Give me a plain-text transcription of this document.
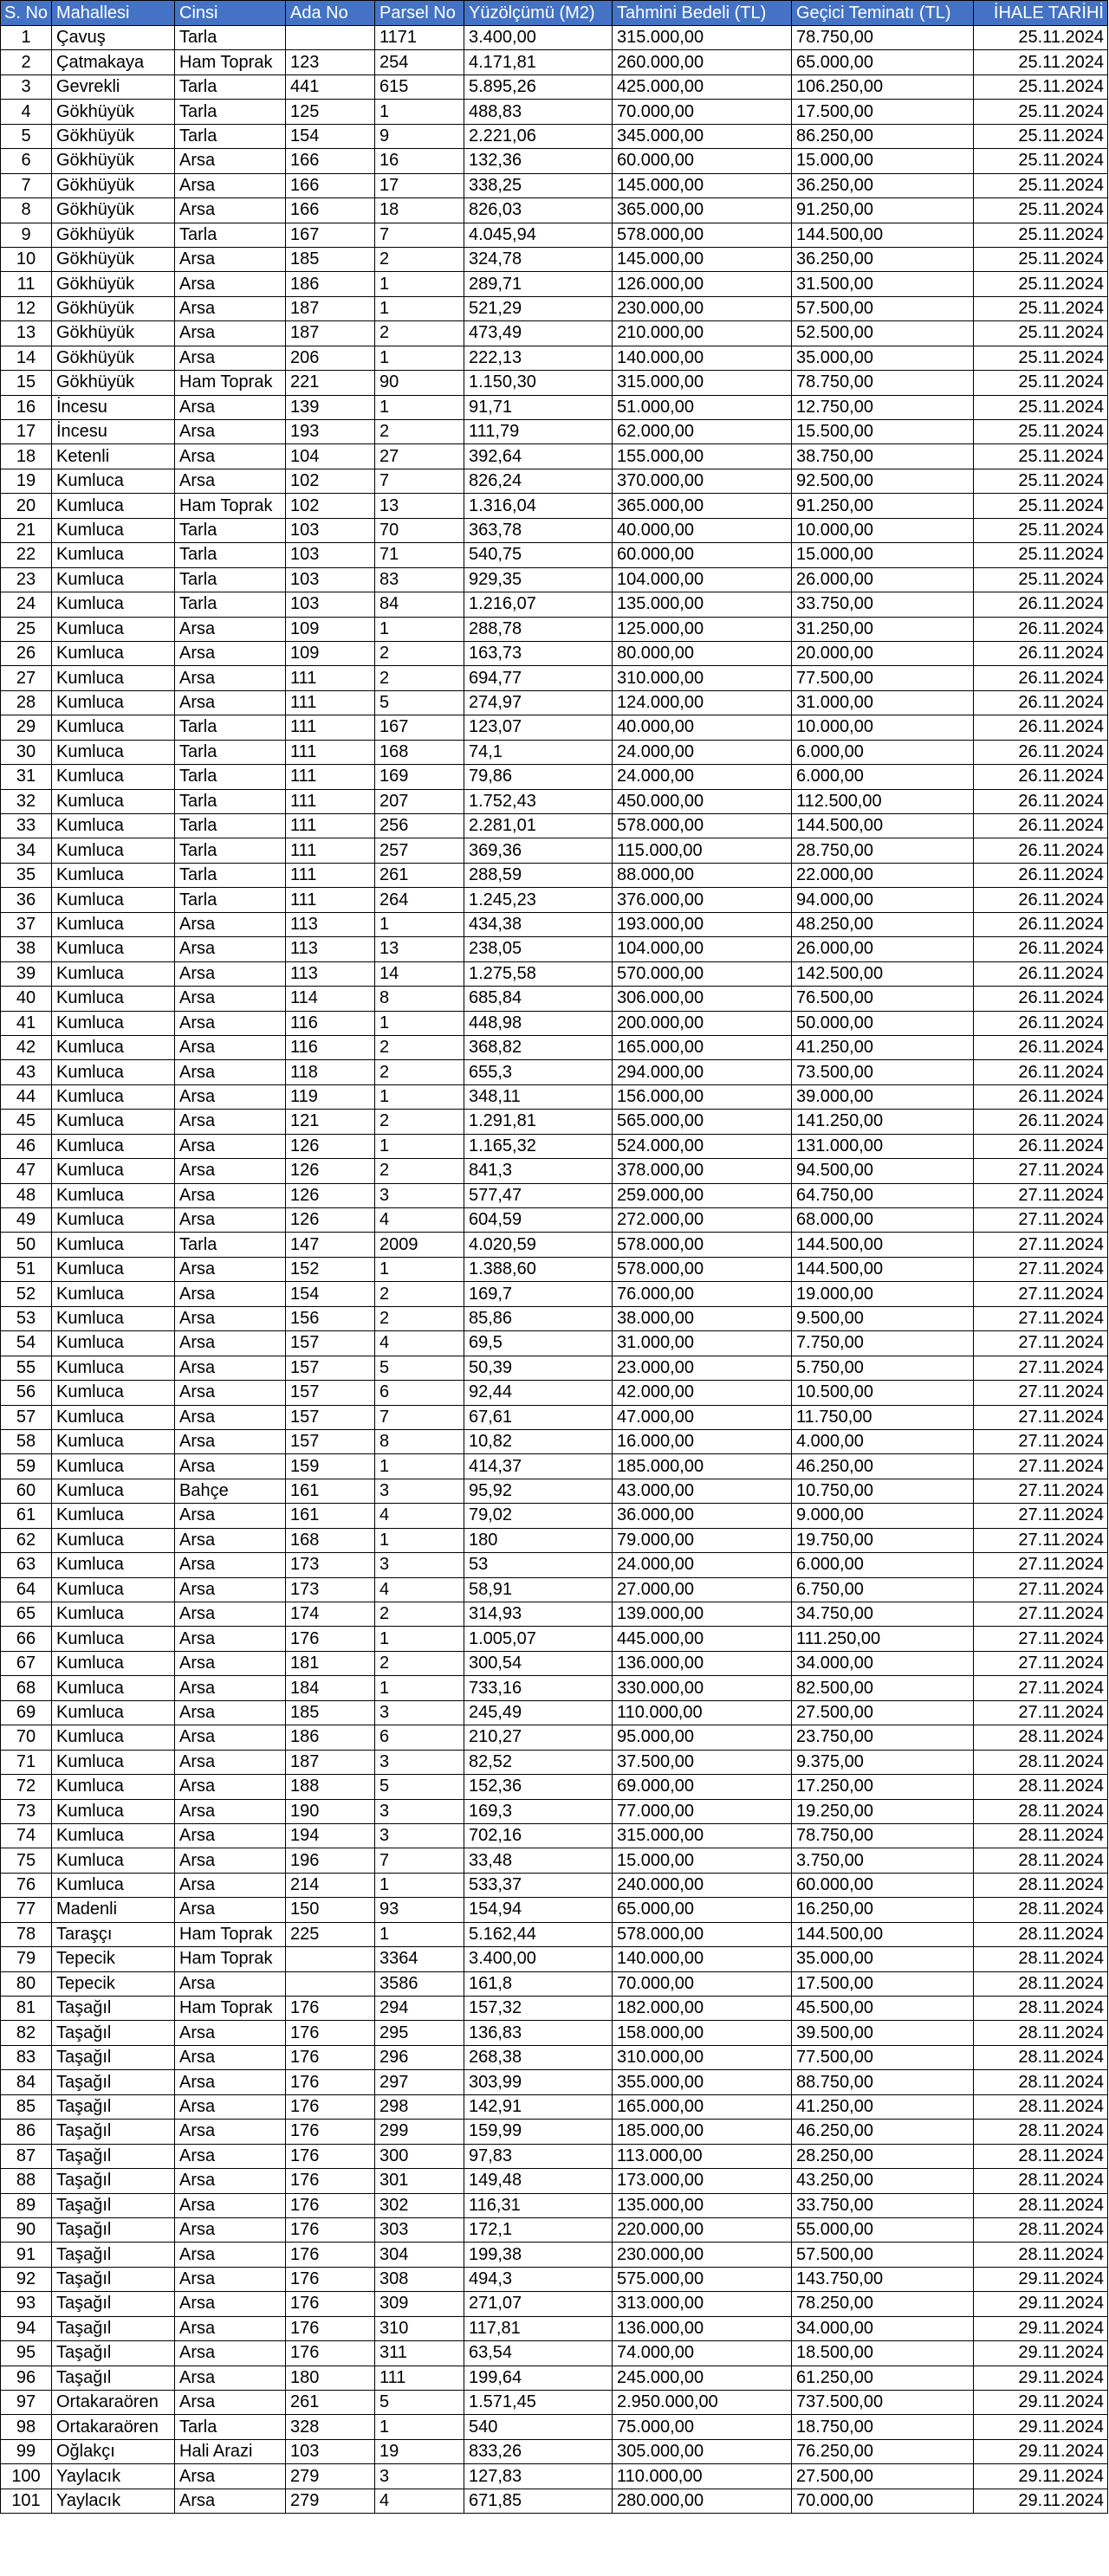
S. No	Mahallesi	Cinsi	Ada No	Parsel No	Yüzölçümü (M2)	Tahmini Bedeli (TL)	Geçici Teminatı (TL)	İHALE TARİHİ
1	Çavuş	Tarla		1171	3.400,00	315.000,00	78.750,00	25.11.2024
2	Çatmakaya	Ham Toprak	123	254	4.171,81	260.000,00	65.000,00	25.11.2024
3	Gevrekli	Tarla	441	615	5.895,26	425.000,00	106.250,00	25.11.2024
4	Gökhüyük	Tarla	125	1	488,83	70.000,00	17.500,00	25.11.2024
5	Gökhüyük	Tarla	154	9	2.221,06	345.000,00	86.250,00	25.11.2024
6	Gökhüyük	Arsa	166	16	132,36	60.000,00	15.000,00	25.11.2024
7	Gökhüyük	Arsa	166	17	338,25	145.000,00	36.250,00	25.11.2024
8	Gökhüyük	Arsa	166	18	826,03	365.000,00	91.250,00	25.11.2024
9	Gökhüyük	Tarla	167	7	4.045,94	578.000,00	144.500,00	25.11.2024
10	Gökhüyük	Arsa	185	2	324,78	145.000,00	36.250,00	25.11.2024
11	Gökhüyük	Arsa	186	1	289,71	126.000,00	31.500,00	25.11.2024
12	Gökhüyük	Arsa	187	1	521,29	230.000,00	57.500,00	25.11.2024
13	Gökhüyük	Arsa	187	2	473,49	210.000,00	52.500,00	25.11.2024
14	Gökhüyük	Arsa	206	1	222,13	140.000,00	35.000,00	25.11.2024
15	Gökhüyük	Ham Toprak	221	90	1.150,30	315.000,00	78.750,00	25.11.2024
16	İncesu	Arsa	139	1	91,71	51.000,00	12.750,00	25.11.2024
17	İncesu	Arsa	193	2	111,79	62.000,00	15.500,00	25.11.2024
18	Ketenli	Arsa	104	27	392,64	155.000,00	38.750,00	25.11.2024
19	Kumluca	Arsa	102	7	826,24	370.000,00	92.500,00	25.11.2024
20	Kumluca	Ham Toprak	102	13	1.316,04	365.000,00	91.250,00	25.11.2024
21	Kumluca	Tarla	103	70	363,78	40.000,00	10.000,00	25.11.2024
22	Kumluca	Tarla	103	71	540,75	60.000,00	15.000,00	25.11.2024
23	Kumluca	Tarla	103	83	929,35	104.000,00	26.000,00	25.11.2024
24	Kumluca	Tarla	103	84	1.216,07	135.000,00	33.750,00	26.11.2024
25	Kumluca	Arsa	109	1	288,78	125.000,00	31.250,00	26.11.2024
26	Kumluca	Arsa	109	2	163,73	80.000,00	20.000,00	26.11.2024
27	Kumluca	Arsa	111	2	694,77	310.000,00	77.500,00	26.11.2024
28	Kumluca	Arsa	111	5	274,97	124.000,00	31.000,00	26.11.2024
29	Kumluca	Tarla	111	167	123,07	40.000,00	10.000,00	26.11.2024
30	Kumluca	Tarla	111	168	74,1	24.000,00	6.000,00	26.11.2024
31	Kumluca	Tarla	111	169	79,86	24.000,00	6.000,00	26.11.2024
32	Kumluca	Tarla	111	207	1.752,43	450.000,00	112.500,00	26.11.2024
33	Kumluca	Tarla	111	256	2.281,01	578.000,00	144.500,00	26.11.2024
34	Kumluca	Tarla	111	257	369,36	115.000,00	28.750,00	26.11.2024
35	Kumluca	Tarla	111	261	288,59	88.000,00	22.000,00	26.11.2024
36	Kumluca	Tarla	111	264	1.245,23	376.000,00	94.000,00	26.11.2024
37	Kumluca	Arsa	113	1	434,38	193.000,00	48.250,00	26.11.2024
38	Kumluca	Arsa	113	13	238,05	104.000,00	26.000,00	26.11.2024
39	Kumluca	Arsa	113	14	1.275,58	570.000,00	142.500,00	26.11.2024
40	Kumluca	Arsa	114	8	685,84	306.000,00	76.500,00	26.11.2024
41	Kumluca	Arsa	116	1	448,98	200.000,00	50.000,00	26.11.2024
42	Kumluca	Arsa	116	2	368,82	165.000,00	41.250,00	26.11.2024
43	Kumluca	Arsa	118	2	655,3	294.000,00	73.500,00	26.11.2024
44	Kumluca	Arsa	119	1	348,11	156.000,00	39.000,00	26.11.2024
45	Kumluca	Arsa	121	2	1.291,81	565.000,00	141.250,00	26.11.2024
46	Kumluca	Arsa	126	1	1.165,32	524.000,00	131.000,00	26.11.2024
47	Kumluca	Arsa	126	2	841,3	378.000,00	94.500,00	27.11.2024
48	Kumluca	Arsa	126	3	577,47	259.000,00	64.750,00	27.11.2024
49	Kumluca	Arsa	126	4	604,59	272.000,00	68.000,00	27.11.2024
50	Kumluca	Tarla	147	2009	4.020,59	578.000,00	144.500,00	27.11.2024
51	Kumluca	Arsa	152	1	1.388,60	578.000,00	144.500,00	27.11.2024
52	Kumluca	Arsa	154	2	169,7	76.000,00	19.000,00	27.11.2024
53	Kumluca	Arsa	156	2	85,86	38.000,00	9.500,00	27.11.2024
54	Kumluca	Arsa	157	4	69,5	31.000,00	7.750,00	27.11.2024
55	Kumluca	Arsa	157	5	50,39	23.000,00	5.750,00	27.11.2024
56	Kumluca	Arsa	157	6	92,44	42.000,00	10.500,00	27.11.2024
57	Kumluca	Arsa	157	7	67,61	47.000,00	11.750,00	27.11.2024
58	Kumluca	Arsa	157	8	10,82	16.000,00	4.000,00	27.11.2024
59	Kumluca	Arsa	159	1	414,37	185.000,00	46.250,00	27.11.2024
60	Kumluca	Bahçe	161	3	95,92	43.000,00	10.750,00	27.11.2024
61	Kumluca	Arsa	161	4	79,02	36.000,00	9.000,00	27.11.2024
62	Kumluca	Arsa	168	1	180	79.000,00	19.750,00	27.11.2024
63	Kumluca	Arsa	173	3	53	24.000,00	6.000,00	27.11.2024
64	Kumluca	Arsa	173	4	58,91	27.000,00	6.750,00	27.11.2024
65	Kumluca	Arsa	174	2	314,93	139.000,00	34.750,00	27.11.2024
66	Kumluca	Arsa	176	1	1.005,07	445.000,00	111.250,00	27.11.2024
67	Kumluca	Arsa	181	2	300,54	136.000,00	34.000,00	27.11.2024
68	Kumluca	Arsa	184	1	733,16	330.000,00	82.500,00	27.11.2024
69	Kumluca	Arsa	185	3	245,49	110.000,00	27.500,00	27.11.2024
70	Kumluca	Arsa	186	6	210,27	95.000,00	23.750,00	28.11.2024
71	Kumluca	Arsa	187	3	82,52	37.500,00	9.375,00	28.11.2024
72	Kumluca	Arsa	188	5	152,36	69.000,00	17.250,00	28.11.2024
73	Kumluca	Arsa	190	3	169,3	77.000,00	19.250,00	28.11.2024
74	Kumluca	Arsa	194	3	702,16	315.000,00	78.750,00	28.11.2024
75	Kumluca	Arsa	196	7	33,48	15.000,00	3.750,00	28.11.2024
76	Kumluca	Arsa	214	1	533,37	240.000,00	60.000,00	28.11.2024
77	Madenli	Arsa	150	93	154,94	65.000,00	16.250,00	28.11.2024
78	Taraşçı	Ham Toprak	225	1	5.162,44	578.000,00	144.500,00	28.11.2024
79	Tepecik	Ham Toprak		3364	3.400,00	140.000,00	35.000,00	28.11.2024
80	Tepecik	Arsa		3586	161,8	70.000,00	17.500,00	28.11.2024
81	Taşağıl	Ham Toprak	176	294	157,32	182.000,00	45.500,00	28.11.2024
82	Taşağıl	Arsa	176	295	136,83	158.000,00	39.500,00	28.11.2024
83	Taşağıl	Arsa	176	296	268,38	310.000,00	77.500,00	28.11.2024
84	Taşağıl	Arsa	176	297	303,99	355.000,00	88.750,00	28.11.2024
85	Taşağıl	Arsa	176	298	142,91	165.000,00	41.250,00	28.11.2024
86	Taşağıl	Arsa	176	299	159,99	185.000,00	46.250,00	28.11.2024
87	Taşağıl	Arsa	176	300	97,83	113.000,00	28.250,00	28.11.2024
88	Taşağıl	Arsa	176	301	149,48	173.000,00	43.250,00	28.11.2024
89	Taşağıl	Arsa	176	302	116,31	135.000,00	33.750,00	28.11.2024
90	Taşağıl	Arsa	176	303	172,1	220.000,00	55.000,00	28.11.2024
91	Taşağıl	Arsa	176	304	199,38	230.000,00	57.500,00	28.11.2024
92	Taşağıl	Arsa	176	308	494,3	575.000,00	143.750,00	29.11.2024
93	Taşağıl	Arsa	176	309	271,07	313.000,00	78.250,00	29.11.2024
94	Taşağıl	Arsa	176	310	117,81	136.000,00	34.000,00	29.11.2024
95	Taşağıl	Arsa	176	311	63,54	74.000,00	18.500,00	29.11.2024
96	Taşağıl	Arsa	180	111	199,64	245.000,00	61.250,00	29.11.2024
97	Ortakaraören	Arsa	261	5	1.571,45	2.950.000,00	737.500,00	29.11.2024
98	Ortakaraören	Tarla	328	1	540	75.000,00	18.750,00	29.11.2024
99	Oğlakçı	Hali Arazi	103	19	833,26	305.000,00	76.250,00	29.11.2024
100	Yaylacık	Arsa	279	3	127,83	110.000,00	27.500,00	29.11.2024
101	Yaylacık	Arsa	279	4	671,85	280.000,00	70.000,00	29.11.2024
